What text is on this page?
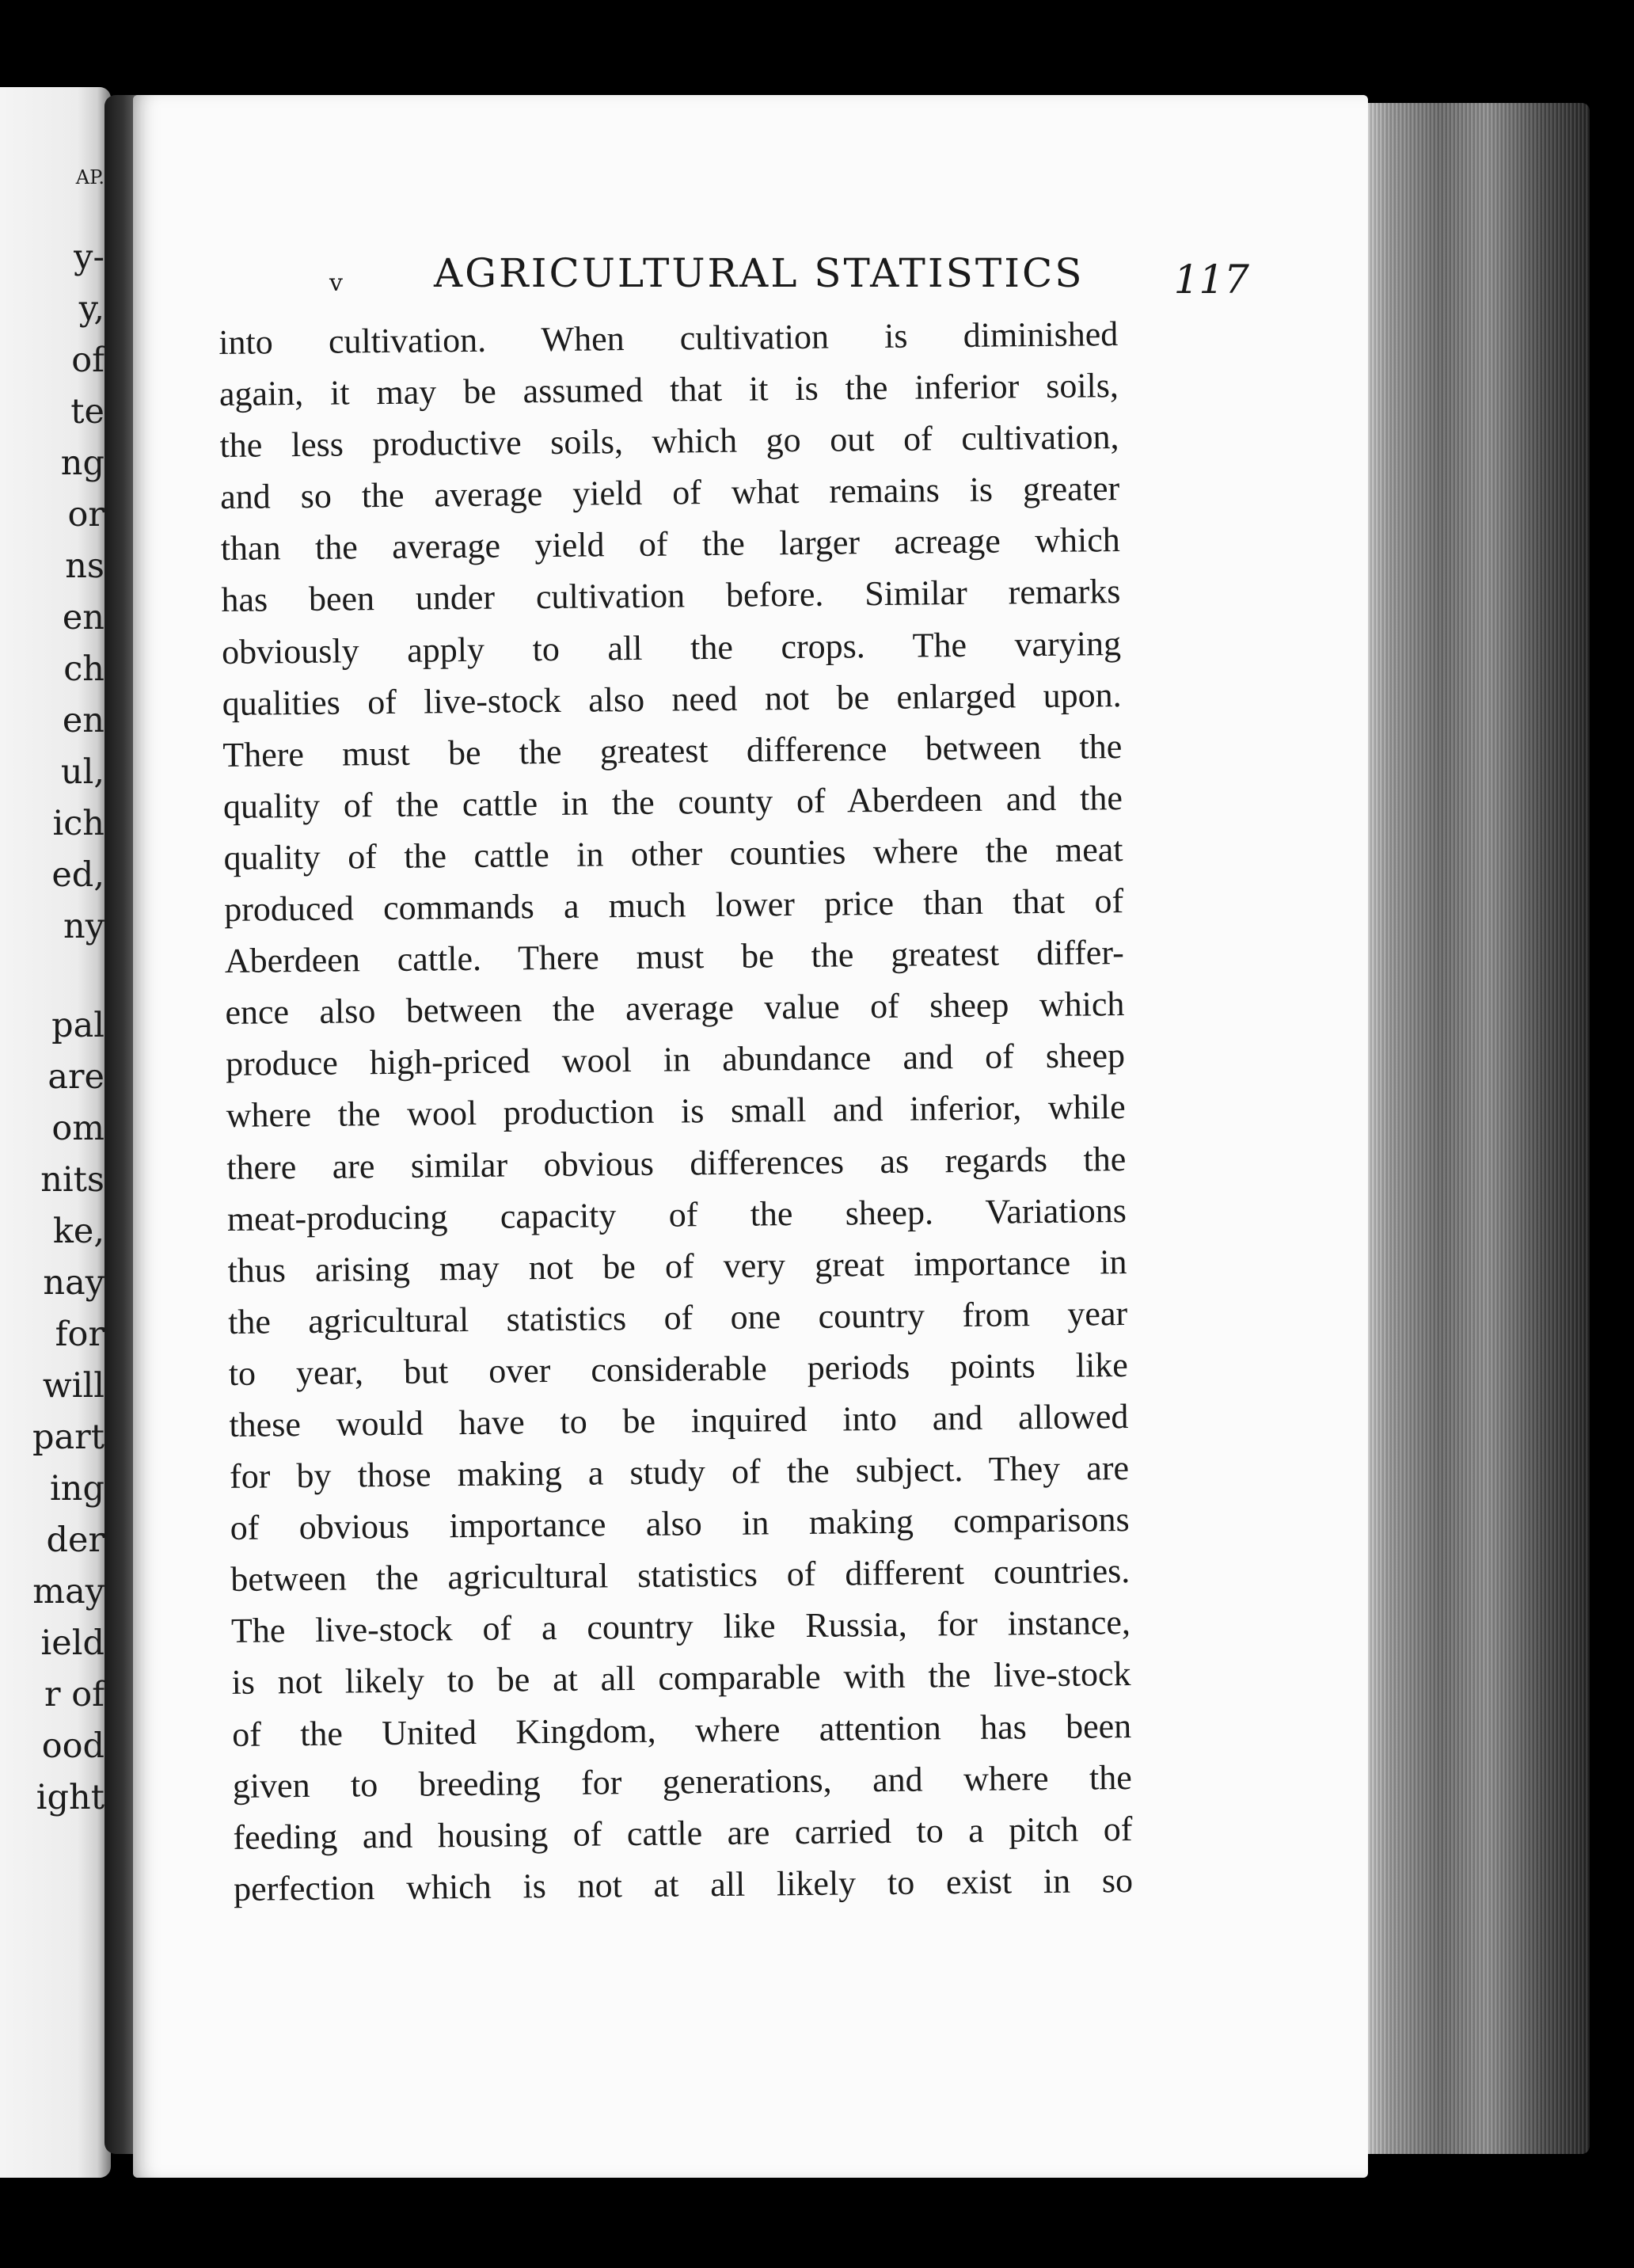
AP.
y-
y,
of
te
ng
or
ns
en
ch
en
ul,
ich
ed,
ny
pal
are
om
nits
ke,
nay
for
will
part
ing
der
may
ield
r of
ood
ight
v AGRICULTURAL STATISTICS 117
into cultivation. When cultivation is diminished
again, it may be assumed that it is the inferior soils,
the less productive soils, which go out of cultivation,
and so the average yield of what remains is greater
than the average yield of the larger acreage which
has been under cultivation before. Similar remarks
obviously apply to all the crops. The varying
qualities of live-stock also need not be enlarged upon.
There must be the greatest difference between the
quality of the cattle in the county of Aberdeen and the
quality of the cattle in other counties where the meat
produced commands a much lower price than that of
Aberdeen cattle. There must be the greatest differ-
ence also between the average value of sheep which
produce high-priced wool in abundance and of sheep
where the wool production is small and inferior, while
there are similar obvious differences as regards the
meat-producing capacity of the sheep. Variations
thus arising may not be of very great importance in
the agricultural statistics of one country from year
to year, but over considerable periods points like
these would have to be inquired into and allowed
for by those making a study of the subject. They are
of obvious importance also in making comparisons
between the agricultural statistics of different countries.
The live-stock of a country like Russia, for instance,
is not likely to be at all comparable with the live-stock
of the United Kingdom, where attention has been
given to breeding for generations, and where the
feeding and housing of cattle are carried to a pitch of
perfection which is not at all likely to exist in so
